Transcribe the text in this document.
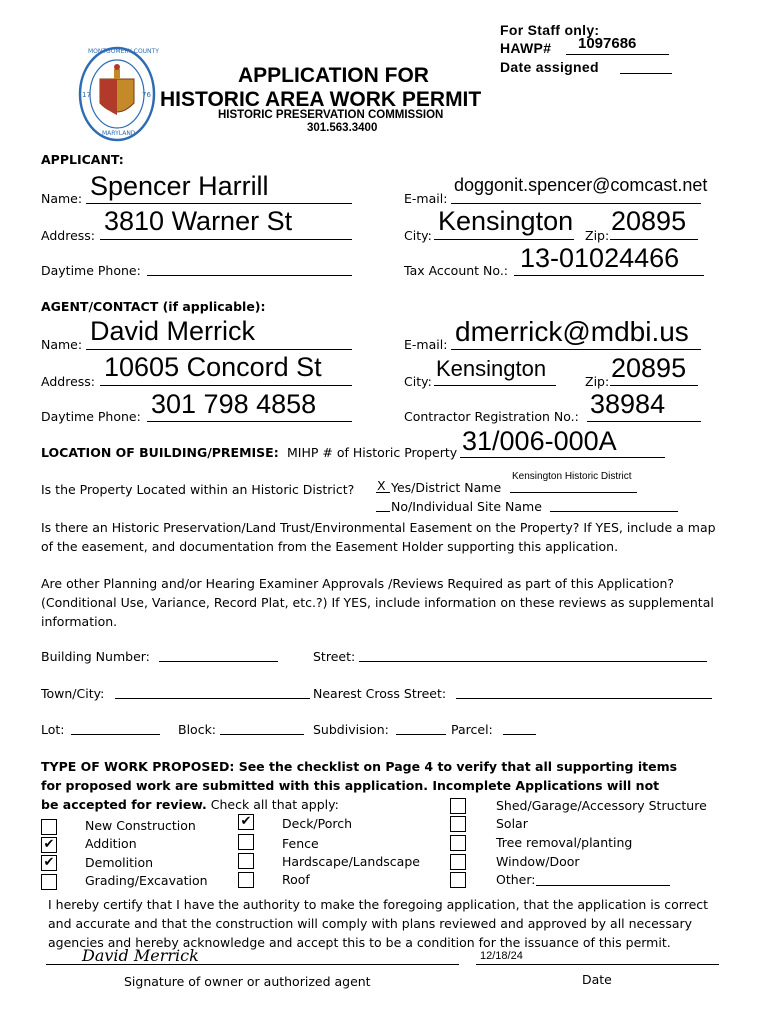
For Staff only:
HAWP# 1097686
Date assigned
MONTGOMERY COUNTY
17	76
MARYLAND
APPLICATION FOR
HISTORIC AREA WORK PERMIT
HISTORIC PRESERVATION COMMISSION
301.563.3400
APPLICANT:
Name: Spencer Harrill	E-mail:
doggonit.spencer@comcast.net
Address: 3810 Warner St	City: Kensington Zip: 20895
Daytime Phone:	Tax Account No.: 13-01024466
AGENT/CONTACT (if applicable):
Name: David Merrick	E-mail: dmerrick@mdbi.us
Address: 10605 Concord St	City:
Kensington
Zip: 20895
Daytime Phone: 301 798 4858	Contractor Registration No.: 38984
LOCATION OF BUILDING/PREMISE: MIHP # of Historic Property 31/006-000A
Is the Property Located within an Historic District? X Yes/District Name
Kensington Historic District
No/Individual Site Name
Is there an Historic Preservation/Land Trust/Environmental Easement on the Property? If YES, include a map of the easement, and documentation from the Easement Holder supporting this application.
Are other Planning and/or Hearing Examiner Approvals /Reviews Required as part of this Application? (Conditional Use, Variance, Record Plat, etc.?) If YES, include information on these reviews as supplemental information.
Building Number:	Street:
Town/City:	Nearest Cross Street:
Lot:	Block:	Subdivision:	Parcel:
TYPE OF WORK PROPOSED: See the checklist on Page 4 to verify that all supporting items
for proposed work are submitted with this application. Incomplete Applications will not
be accepted for review. Check all that apply:
New Construction
✔ Addition
✔ Demolition
Grading/Excavation
✔ Deck/Porch
Fence
Hardscape/Landscape
Roof
Shed/Garage/Accessory Structure
Solar
Tree removal/planting
Window/Door
Other:
I hereby certify that I have the authority to make the foregoing application, that the application is correct and accurate and that the construction will comply with plans reviewed and approved by all necessary agencies and hereby acknowledge and accept this to be a condition for the issuance of this permit.
David Merrick	12/18/24
Signature of owner or authorized agent	Date
